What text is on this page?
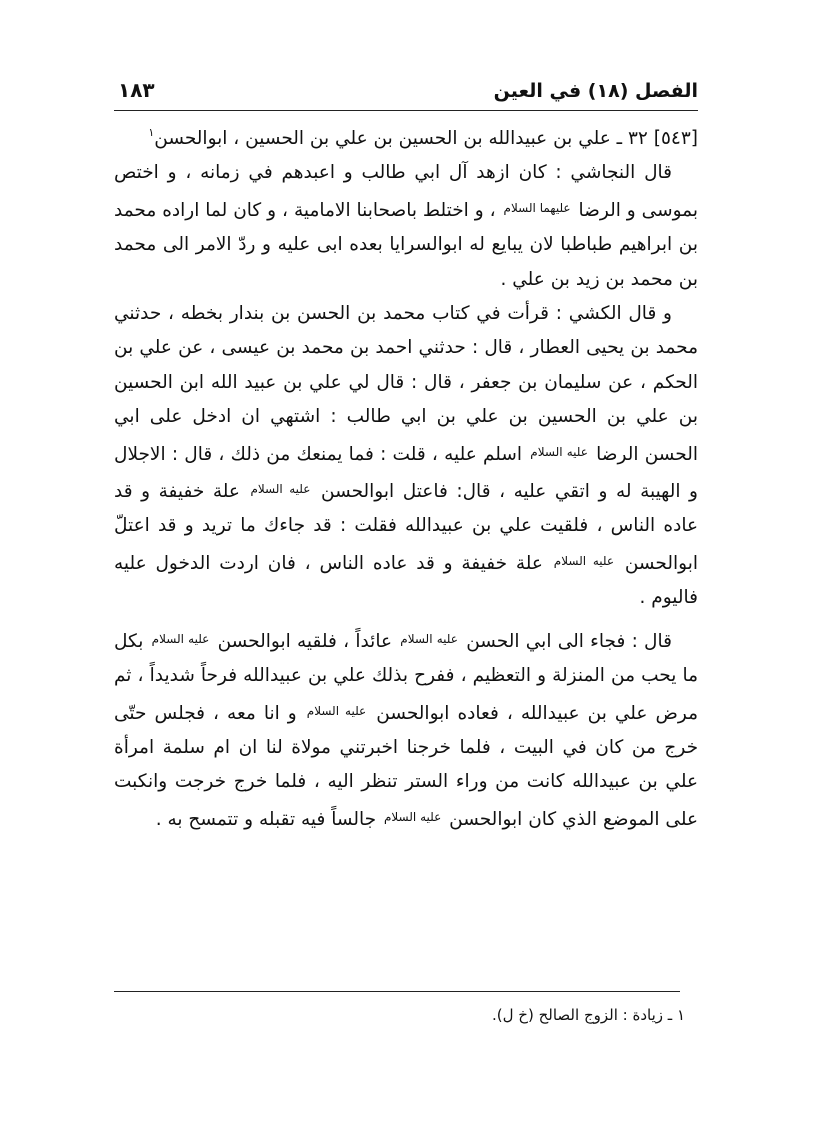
الفصل (١٨) في العين
١٨٣

[٥٤٣] ٣٢ ـ علي بن عبيدالله بن الحسين بن علي بن الحسين ، ابوالحسن$^١$

قال النجاشي : كان ازهد آل ابي طالب و اعبدهم في زمانه ، و اختص بموسى و الرضا $^{عليهما السلام}$ ، و اختلط باصحابنا الامامية ، و كان لما اراده محمد بن ابراهيم طباطبا لان يبايع له ابوالسرايا بعده ابى عليه و ردّ الامر الى محمد بن محمد بن زيد بن علي .

و قال الكشي : قرأت في كتاب محمد بن الحسن بن بندار بخطه ، حدثني محمد بن يحيى العطار ، قال : حدثني احمد بن محمد بن عيسى ، عن علي بن الحكم ، عن سليمان بن جعفر ، قال : قال لي علي بن عبيد الله ابن الحسين بن علي بن الحسين بن علي بن ابي طالب : اشتهي ان ادخل على ابي الحسن الرضا $^{عليه السلام}$ اسلم عليه ، قلت : فما يمنعك من ذلك ، قال : الاجلال و الهيبة له و اتقي عليه ، قال: فاعتل ابوالحسن $^{عليه السلام}$ علة خفيفة و قد عاده الناس ، فلقيت علي بن عبيدالله فقلت : قد جاءك ما تريد و قد اعتلّ ابوالحسن $^{عليه السلام}$ علة خفيفة و قد عاده الناس ، فان اردت الدخول عليه فاليوم .

قال : فجاء الى ابي الحسن $^{عليه السلام}$ عائداً ، فلقيه ابوالحسن $^{عليه السلام}$ بكل ما يحب من المنزلة و التعظيم ، ففرح بذلك علي بن عبيدالله فرحاً شديداً ، ثم مرض علي بن عبيدالله ، فعاده ابوالحسن $^{عليه السلام}$ و انا معه ، فجلس حتّى خرج من كان في البيت ، فلما خرجنا اخبرتني مولاة لنا ان ام سلمة امرأة علي بن عبيدالله كانت من وراء الستر تنظر اليه ، فلما خرج خرجت وانكبت على الموضع الذي كان ابوالحسن $^{عليه السلام}$ جالساً فيه تقبله و تتمسح به .

١ ـ زيادة : الزوج الصالح (خ ل).
